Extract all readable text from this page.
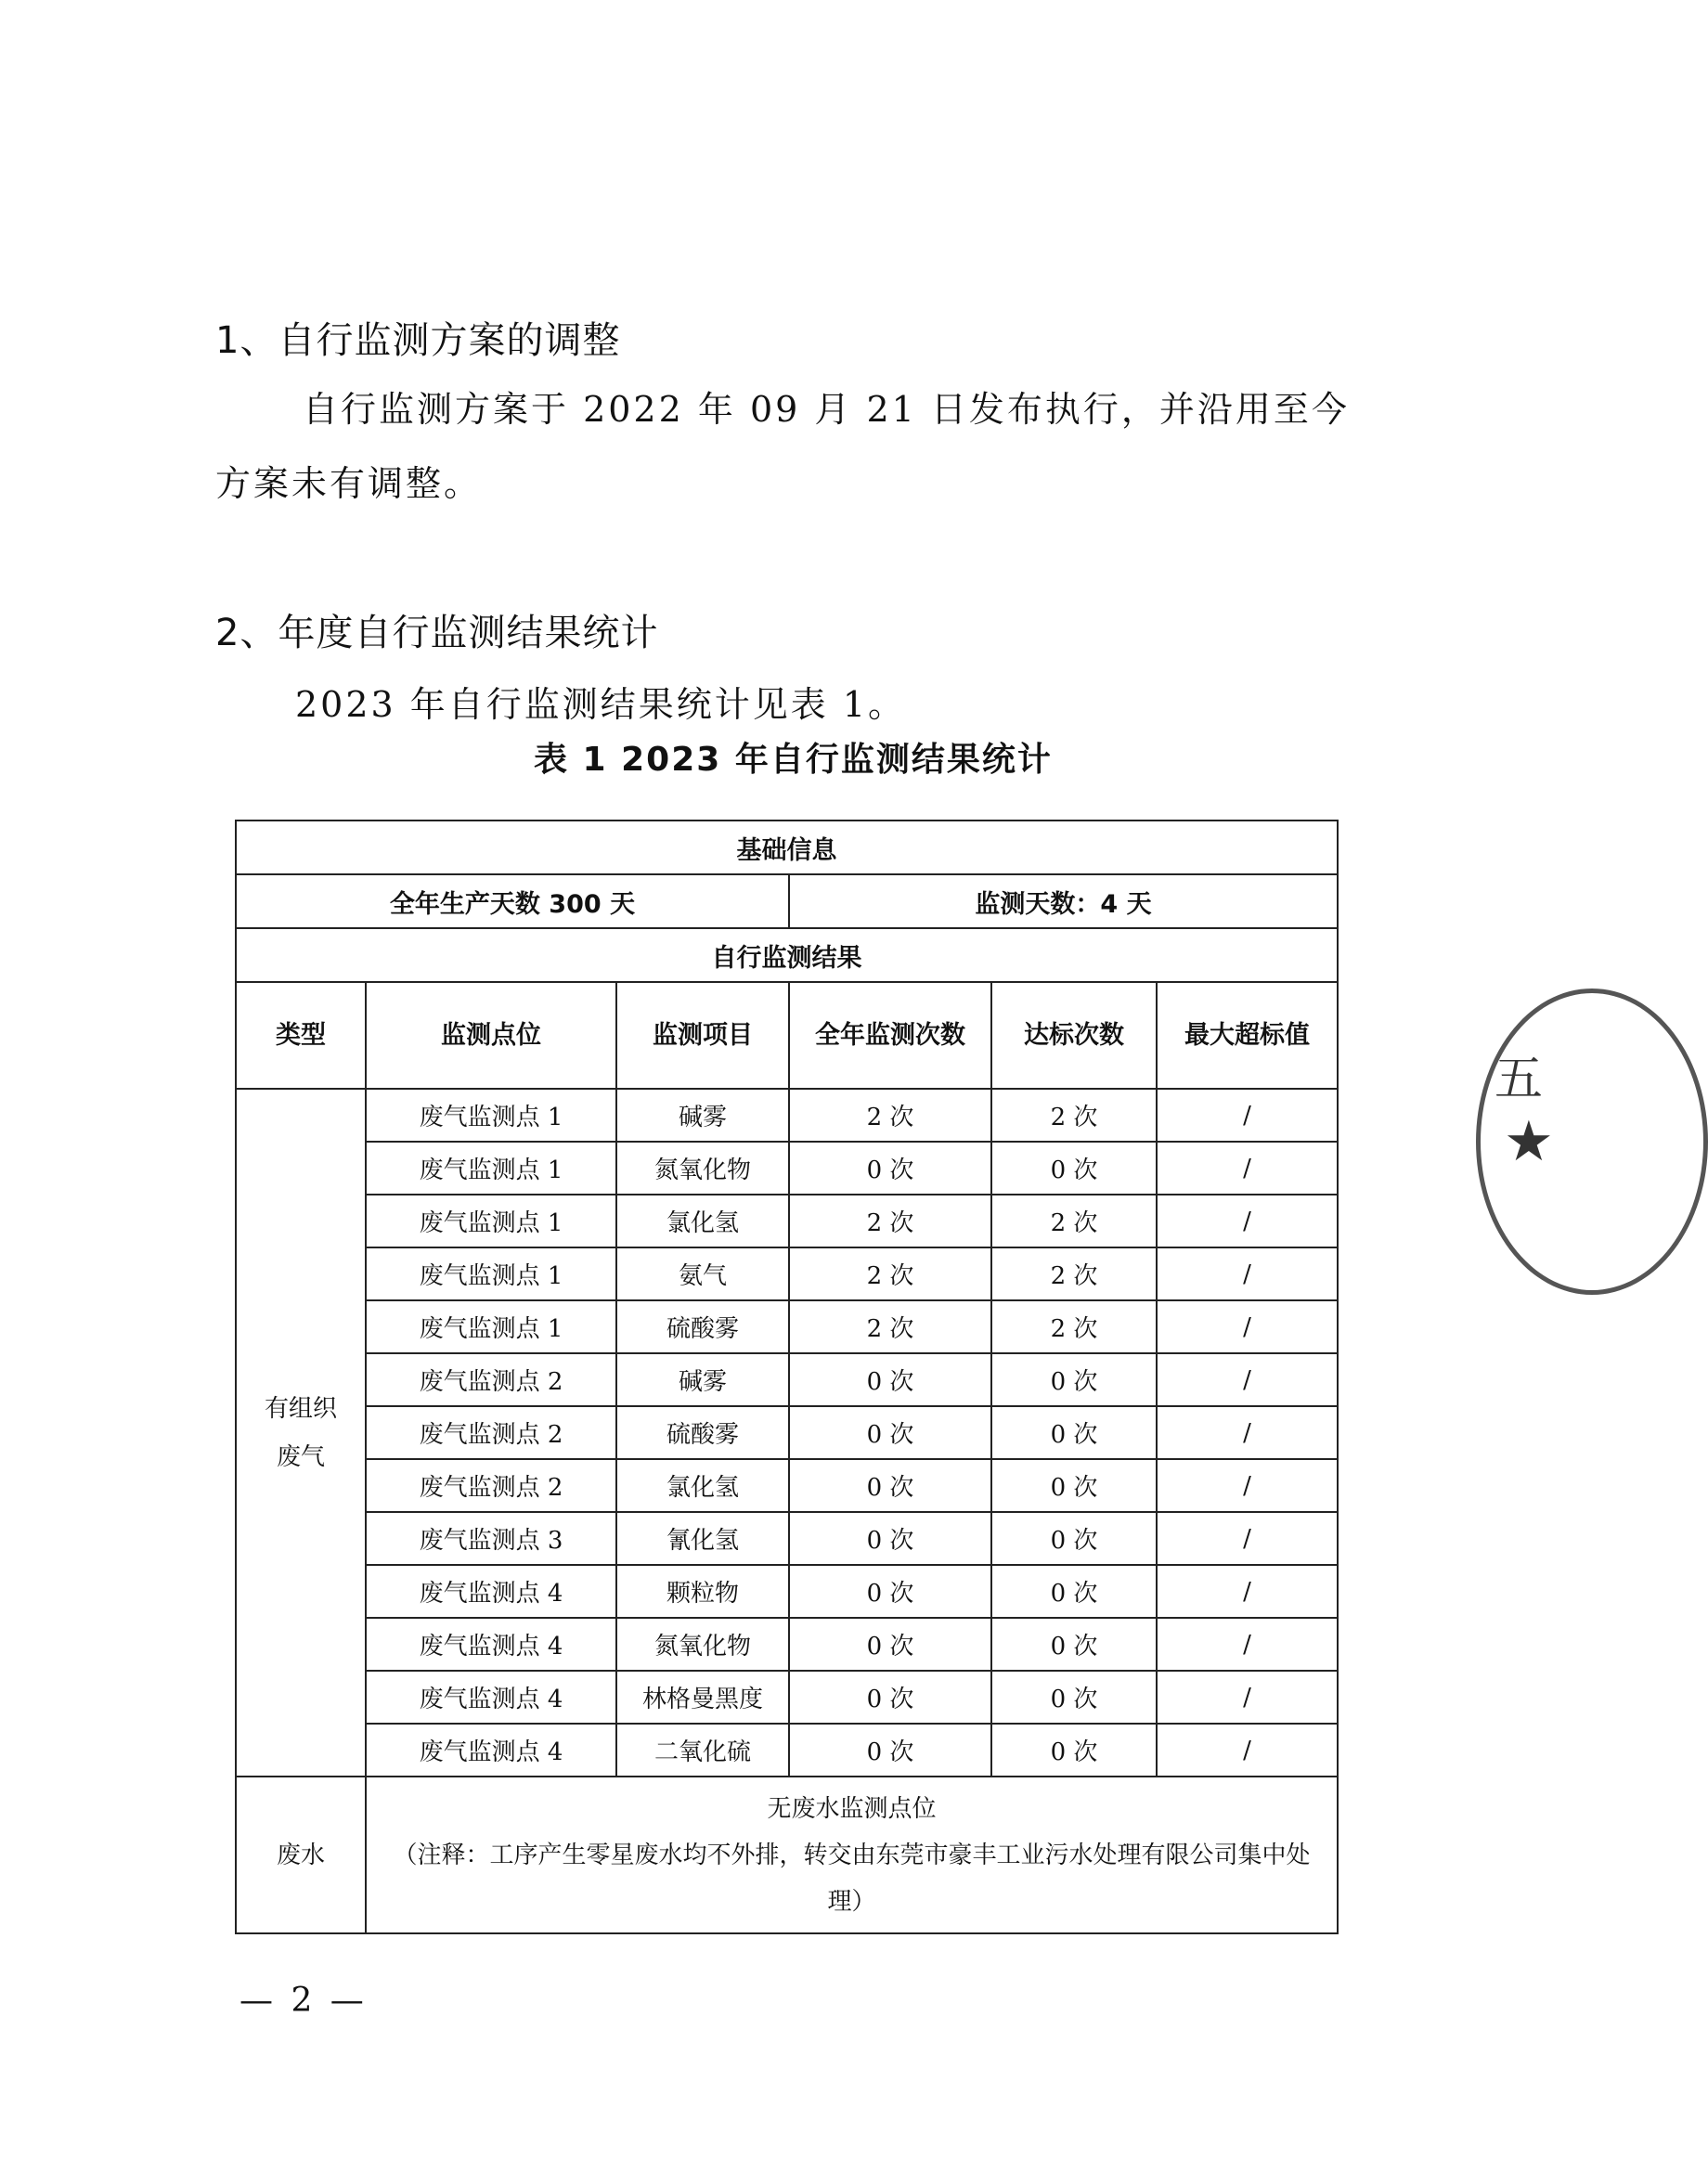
1、自行监测方案的调整
自行监测方案于 2022 年 09 月 21 日发布执行，并沿用至今
方案未有调整。
2、年度自行监测结果统计
2023 年自行监测结果统计见表 1。
表 1 2023 年自行监测结果统计
基础信息					
全年生产天数 300 天			监测天数：4 天		
自行监测结果					
类型	监测点位	监测项目	全年监测次数	达标次数	最大超标值
有组织废气	废气监测点 1	碱雾	2 次	2 次	/
	废气监测点 1	氮氧化物	0 次	0 次	/
	废气监测点 1	氯化氢	2 次	2 次	/
	废气监测点 1	氨气	2 次	2 次	/
	废气监测点 1	硫酸雾	2 次	2 次	/
	废气监测点 2	碱雾	0 次	0 次	/
	废气监测点 2	硫酸雾	0 次	0 次	/
	废气监测点 2	氯化氢	0 次	0 次	/
	废气监测点 3	氰化氢	0 次	0 次	/
	废气监测点 4	颗粒物	0 次	0 次	/
	废气监测点 4	氮氧化物	0 次	0 次	/
	废气监测点 4	林格曼黑度	0 次	0 次	/
	废气监测点 4	二氧化硫	0 次	0 次	/
废水	无废水监测点位
（注释：工序产生零星废水均不外排，转交由东莞市豪丰工业污水处理有限公司集中处理）				
— 2 —
五
★
